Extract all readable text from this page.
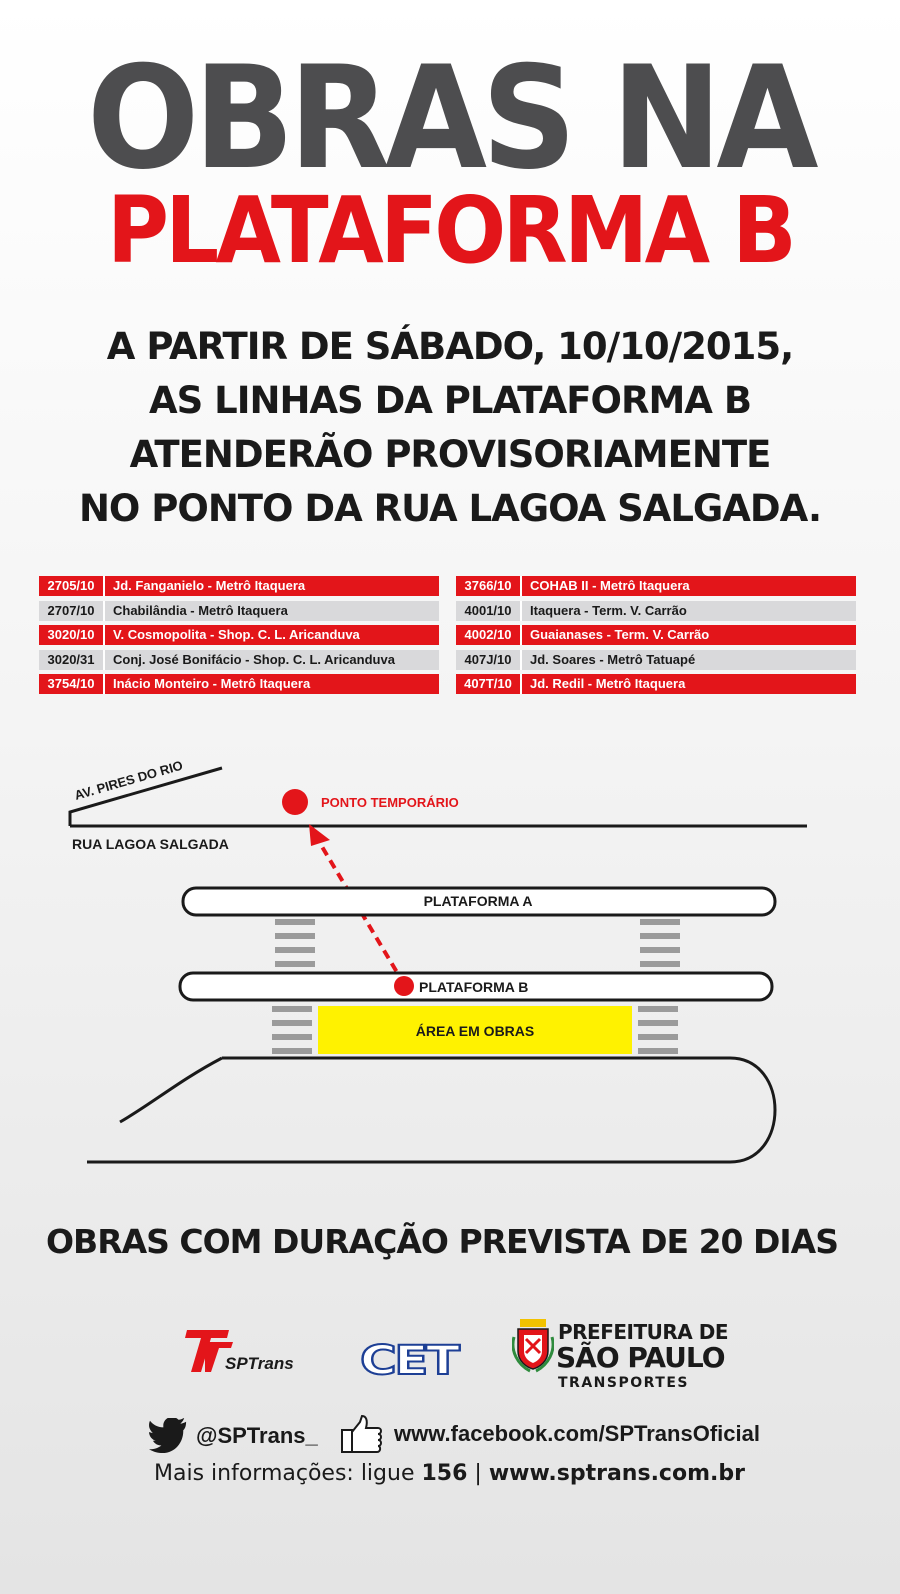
OBRAS NA
PLATAFORMA B
A PARTIR DE SÁBADO, 10/10/2015,
AS LINHAS DA PLATAFORMA B
ATENDERÃO PROVISORIAMENTE
NO PONTO DA RUA LAGOA SALGADA.
2705/10	Jd. Fanganielo - Metrô Itaquera
2707/10	Chabilândia - Metrô Itaquera
3020/10	V. Cosmopolita - Shop. C. L. Aricanduva
3020/31	Conj. José Bonifácio - Shop. C. L. Aricanduva
3754/10	Inácio Monteiro - Metrô Itaquera
3766/10	COHAB II - Metrô Itaquera
4001/10	Itaquera - Term. V. Carrão
4002/10	Guaianases - Term. V. Carrão
407J/10	Jd. Soares - Metrô Tatuapé
407T/10	Jd. Redil - Metrô Itaquera
AV. PIRES DO RIO
RUA LAGOA SALGADA
PONTO TEMPORÁRIO
PLATAFORMA A
PLATAFORMA B
ÁREA EM OBRAS
OBRAS COM DURAÇÃO PREVISTA DE 20 DIAS
SPTrans CET
PREFEITURA DE
SÃO PAULO
TRANSPORTES
@SPTrans_	www.facebook.com/SPTransOficial
Mais informações: ligue 156 | www.sptrans.com.br
